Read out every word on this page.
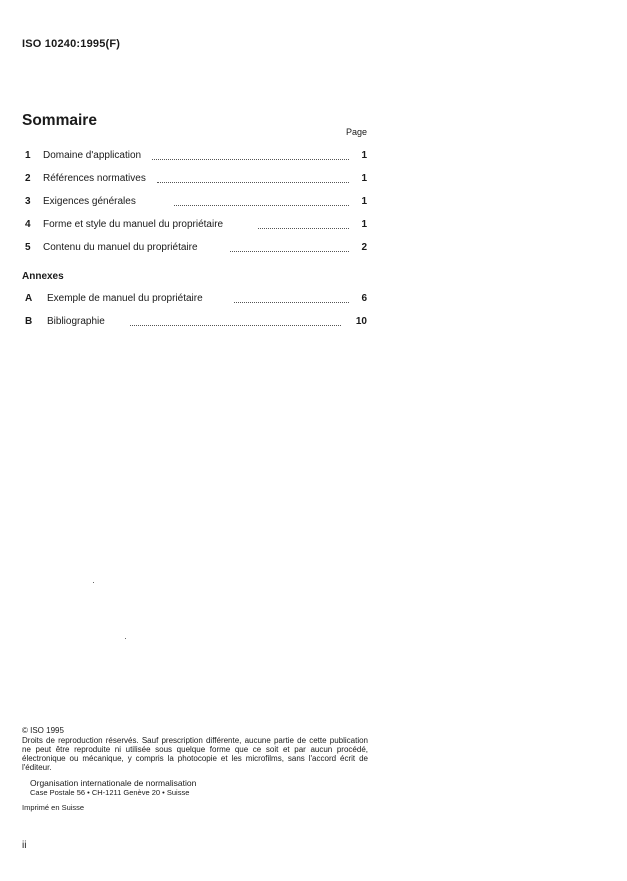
ISO 10240:1995(F)
Sommaire
Page
1 Domaine d'application	1
2 Références normatives	1
3 Exigences générales	1
4 Forme et style du manuel du propriétaire	1
5 Contenu du manuel du propriétaire	2
Annexes
A Exemple de manuel du propriétaire	6
B Bibliographie	10
© ISO 1995
Droits de reproduction réservés. Sauf prescription différente, aucune partie de cette publication ne peut être reproduite ni utilisée sous quelque forme que ce soit et par aucun procédé, électronique ou mécanique, y compris la photocopie et les microfilms, sans l'accord écrit de l'éditeur.
Organisation internationale de normalisation
Case Postale 56 • CH-1211 Genève 20 • Suisse
Imprimé en Suisse
ii
